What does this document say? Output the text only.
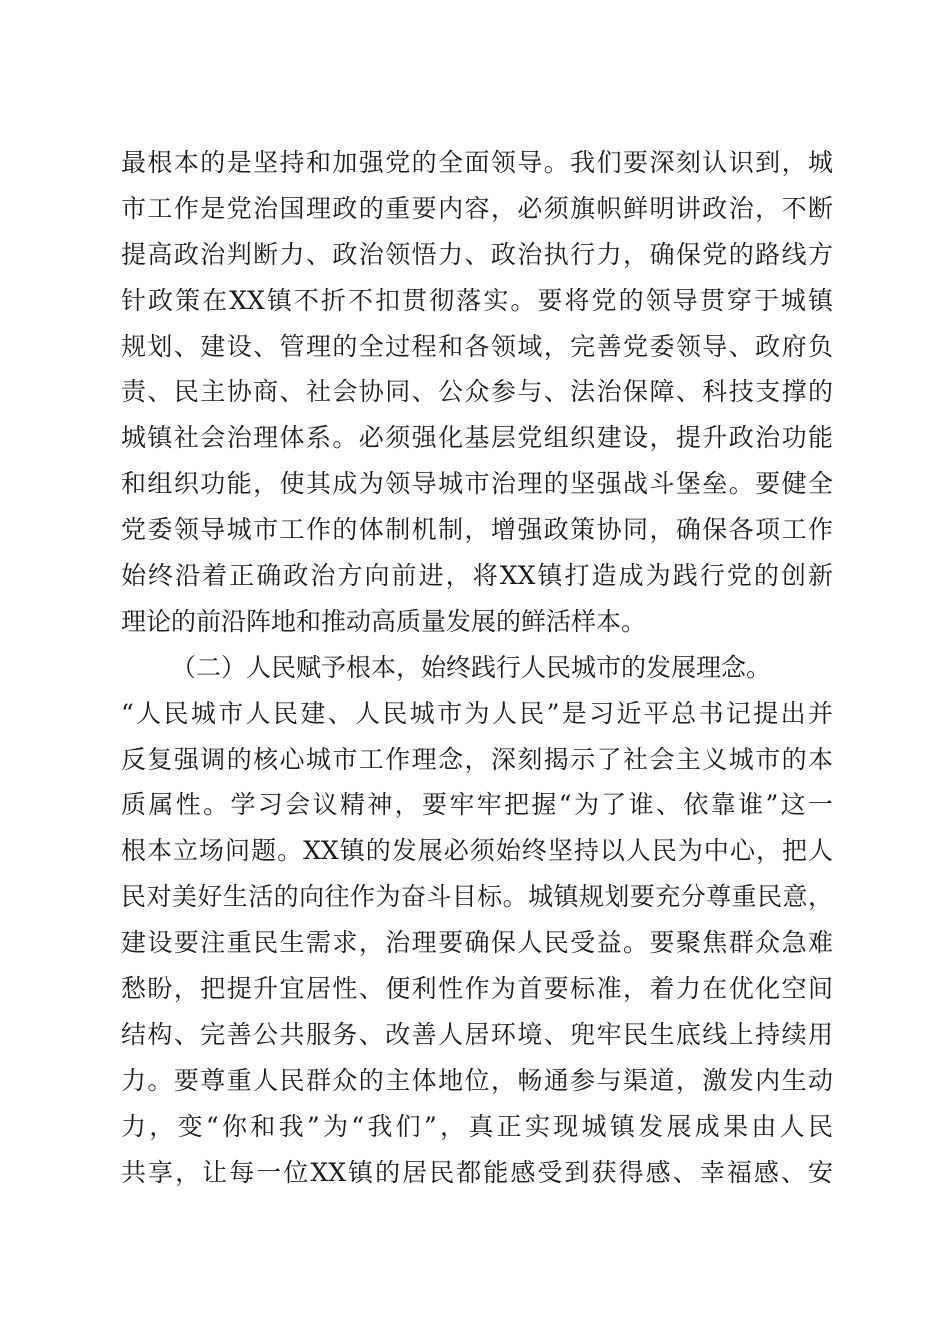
最根本的是坚持和加强党的全面领导。我们要深刻认识到，城
市工作是党治国理政的重要内容，必须旗帜鲜明讲政治，不断
提高政治判断力、政治领悟力、政治执行力，确保党的路线方
针政策在XX镇不折不扣贯彻落实。要将党的领导贯穿于城镇
规划、建设、管理的全过程和各领域，完善党委领导、政府负
责、民主协商、社会协同、公众参与、法治保障、科技支撑的
城镇社会治理体系。必须强化基层党组织建设，提升政治功能
和组织功能，使其成为领导城市治理的坚强战斗堡垒。要健全
党委领导城市工作的体制机制，增强政策协同，确保各项工作
始终沿着正确政治方向前进，将XX镇打造成为践行党的创新
理论的前沿阵地和推动高质量发展的鲜活样本。
（二）人民赋予根本，始终践行人民城市的发展理念。
“人民城市人民建、人民城市为人民”是习近平总书记提出并
反复强调的核心城市工作理念，深刻揭示了社会主义城市的本
质属性。学习会议精神，要牢牢把握“为了谁、依靠谁”这一
根本立场问题。XX镇的发展必须始终坚持以人民为中心，把人
民对美好生活的向往作为奋斗目标。城镇规划要充分尊重民意，
建设要注重民生需求，治理要确保人民受益。要聚焦群众急难
愁盼，把提升宜居性、便利性作为首要标准，着力在优化空间
结构、完善公共服务、改善人居环境、兜牢民生底线上持续用
力。要尊重人民群众的主体地位，畅通参与渠道，激发内生动
力，变“你和我”为“我们”，真正实现城镇发展成果由人民
共享，让每一位XX镇的居民都能感受到获得感、幸福感、安
